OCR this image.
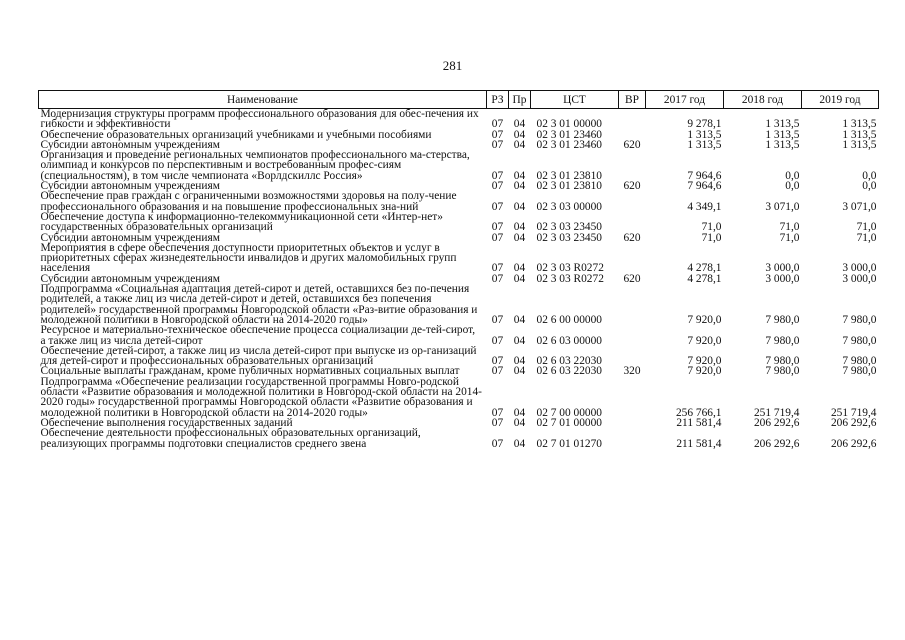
281
Наименование	РЗ	Пр	ЦСТ	ВР	2017 год	2018 год	2019 год
Модернизация структуры программ профессионального образования для обес-печения их гибкости и эффективности	07	04	02 3 01 00000		9 278,1	1 313,5	1 313,5
Обеспечение образовательных организаций учебниками и учебными пособиями	07	04	02 3 01 23460		1 313,5	1 313,5	1 313,5
Субсидии автономным учреждениям	07	04	02 3 01 23460	620	1 313,5	1 313,5	1 313,5
Организация и проведение региональных чемпионатов профессионального ма-стерства, олимпиад и конкурсов по перспективным и востребованным профес-сиям (специальностям), в том числе чемпионата «Ворлдскиллс Россия»	07	04	02 3 01 23810		7 964,6	0,0	0,0
Субсидии автономным учреждениям	07	04	02 3 01 23810	620	7 964,6	0,0	0,0
Обеспечение прав граждан с ограниченными возможностями здоровья на полу-чение профессионального образования и на повышение профессиональных зна-ний	07	04	02 3 03 00000		4 349,1	3 071,0	3 071,0
Обеспечение доступа к информационно-телекоммуникационной сети «Интер-нет» государственных образовательных организаций	07	04	02 3 03 23450		71,0	71,0	71,0
Субсидии автономным учреждениям	07	04	02 3 03 23450	620	71,0	71,0	71,0
Мероприятия в сфере обеспечения доступности приоритетных объектов и услуг в приоритетных сферах жизнедеятельности инвалидов и других маломобильных групп населения	07	04	02 3 03 R0272		4 278,1	3 000,0	3 000,0
Субсидии автономным учреждениям	07	04	02 3 03 R0272	620	4 278,1	3 000,0	3 000,0
Подпрограмма «Социальная адаптация детей-сирот и детей, оставшихся без по-печения родителей, а также лиц из числа детей-сирот и детей, оставшихся без попечения родителей» государственной программы Новгородской области «Раз-витие образования и молодежной политики в Новгородской области на 2014-2020 годы»	07	04	02 6 00 00000		7 920,0	7 980,0	7 980,0
Ресурсное и материально-техническое обеспечение процесса социализации де-тей-сирот, а также лиц из числа детей-сирот	07	04	02 6 03 00000		7 920,0	7 980,0	7 980,0
Обеспечение детей-сирот, а также лиц из числа детей-сирот при выпуске из ор-ганизаций для детей-сирот и профессиональных образовательных организаций	07	04	02 6 03 22030		7 920,0	7 980,0	7 980,0
Социальные выплаты гражданам, кроме публичных нормативных социальных выплат	07	04	02 6 03 22030	320	7 920,0	7 980,0	7 980,0
Подпрограмма «Обеспечение реализации государственной программы Новго-родской области «Развитие образования и молодежной политики в Новгород-ской области на 2014-2020 годы» государственной программы Новгородской области «Развитие образования и молодежной политики в Новгородской области на 2014-2020 годы»	07	04	02 7 00 00000		256 766,1	251 719,4	251 719,4
Обеспечение выполнения государственных заданий	07	04	02 7 01 00000		211 581,4	206 292,6	206 292,6
Обеспечение деятельности профессиональных образовательных организаций, реализующих программы подготовки специалистов среднего звена	07	04	02 7 01 01270		211 581,4	206 292,6	206 292,6
